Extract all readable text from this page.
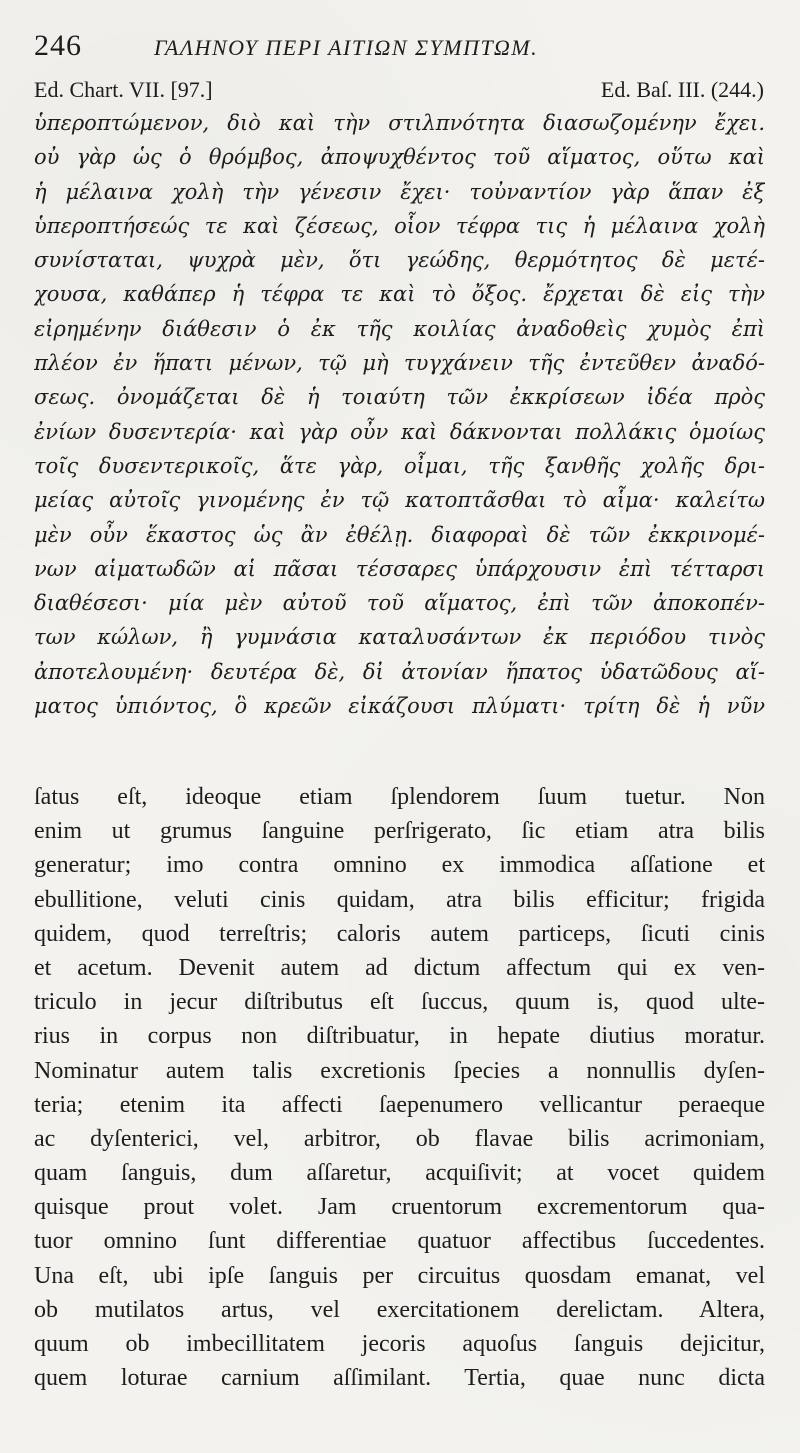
246	ΓΑΛΗΝΟΥ ΠΕΡΙ ΑΙΤΙΩΝ ΣΥΜΠΤΩΜ.
Ed. Chart. VII. [97.]	Ed. Baſ. III. (244.)
ὑπεροπτώμενον, διὸ καὶ τὴν στιλπνότητα διασωζομένην ἔχει.
οὐ γὰρ ὡς ὁ θρόμβος, ἀποψυχθέντος τοῦ αἵματος, οὕτω καὶ
ἡ μέλαινα χολὴ τὴν γένεσιν ἔχει· τοὐναντίον γὰρ ἅπαν ἐξ
ὑπεροπτήσεώς τε καὶ ζέσεως, οἷον τέφρα τις ἡ μέλαινα χολὴ
συνίσταται, ψυχρὰ μὲν, ὅτι γεώδης, θερμότητος δὲ μετέ-
χουσα, καθάπερ ἡ τέφρα τε καὶ τὸ ὄξος. ἔρχεται δὲ εἰς τὴν
εἰρημένην διάθεσιν ὁ ἐκ τῆς κοιλίας ἀναδοθεὶς χυμὸς ἐπὶ
πλέον ἐν ἥπατι μένων, τῷ μὴ τυγχάνειν τῆς ἐντεῦθεν ἀναδό-
σεως. ὀνομάζεται δὲ ἡ τοιαύτη τῶν ἐκκρίσεων ἰδέα πρὸς
ἐνίων δυσεντερία· καὶ γὰρ οὖν καὶ δάκνονται πολλάκις ὁμοίως
τοῖς δυσεντερικοῖς, ἅτε γὰρ, οἶμαι, τῆς ξανθῆς χολῆς δρι-
μείας αὐτοῖς γινομένης ἐν τῷ κατοπτᾶσθαι τὸ αἷμα· καλείτω
μὲν οὖν ἕκαστος ὡς ἂν ἐθέλῃ. διαφοραὶ δὲ τῶν ἐκκρινομέ-
νων αἱματωδῶν αἱ πᾶσαι τέσσαρες ὑπάρχουσιν ἐπὶ τέτταρσι
διαθέσεσι· μία μὲν αὐτοῦ τοῦ αἵματος, ἐπὶ τῶν ἀποκοπέν-
των κώλων, ἢ γυμνάσια καταλυσάντων ἐκ περιόδου τινὸς
ἀποτελουμένη· δευτέρα δὲ, δἰ ἀτονίαν ἥπατος ὑδατῶδους αἵ-
ματος ὑπιόντος, ὃ κρεῶν εἰκάζουσι πλύματι· τρίτη δὲ ἡ νῦν
ſatus eſt, ideoque etiam ſplendorem ſuum tuetur. Non
enim ut grumus ſanguine perſrigerato, ſic etiam atra bilis
generatur; imo contra omnino ex immodica aſſatione et
ebullitione, veluti cinis quidam, atra bilis efficitur; frigida
quidem, quod terreſtris; caloris autem particeps, ſicuti cinis
et acetum. Devenit autem ad dictum affectum qui ex ven-
triculo in jecur diſtributus eſt ſuccus, quum is, quod ulte-
rius in corpus non diſtribuatur, in hepate diutius moratur.
Nominatur autem talis excretionis ſpecies a nonnullis dyſen-
teria; etenim ita affecti ſaepenumero vellicantur peraeque
ac dyſenterici, vel, arbitror, ob flavae bilis acrimoniam,
quam ſanguis, dum aſſaretur, acquiſivit; at vocet quidem
quisque prout volet. Jam cruentorum excrementorum qua-
tuor omnino ſunt differentiae quatuor affectibus ſuccedentes.
Una eſt, ubi ipſe ſanguis per circuitus quosdam emanat, vel
ob mutilatos artus, vel exercitationem derelictam. Altera,
quum ob imbecillitatem jecoris aquoſus ſanguis dejicitur,
quem loturae carnium aſſimilant. Tertia, quae nunc dicta
